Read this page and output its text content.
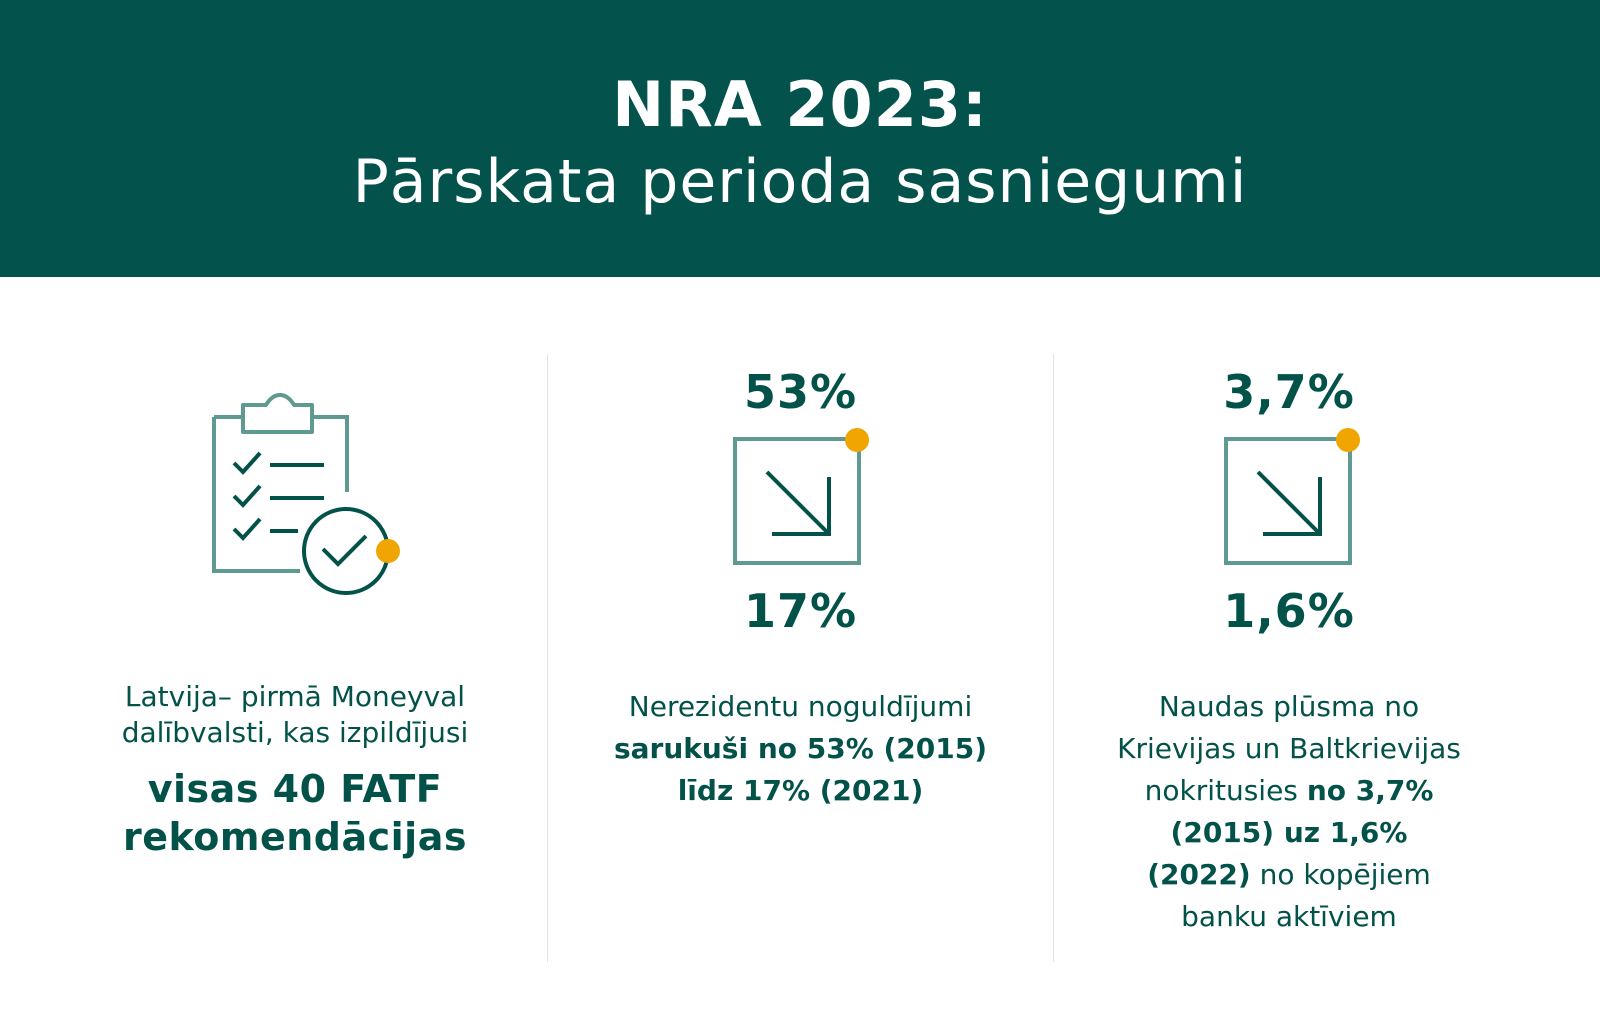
NRA 2023:
Pārskata perioda sasniegumi
Latvija– pirmā Moneyval
dalībvalsti, kas izpildījusi
visas 40 FATF
rekomendācijas
53%
17%
Nerezidentu noguldījumi
sarukuši no 53% (2015)
līdz 17% (2021)
3,7%
1,6%
Naudas plūsma no
Krievijas un Baltkrievijas
nokritusies no 3,7%
(2015) uz 1,6%
(2022) no kopējiem
banku aktīviem
